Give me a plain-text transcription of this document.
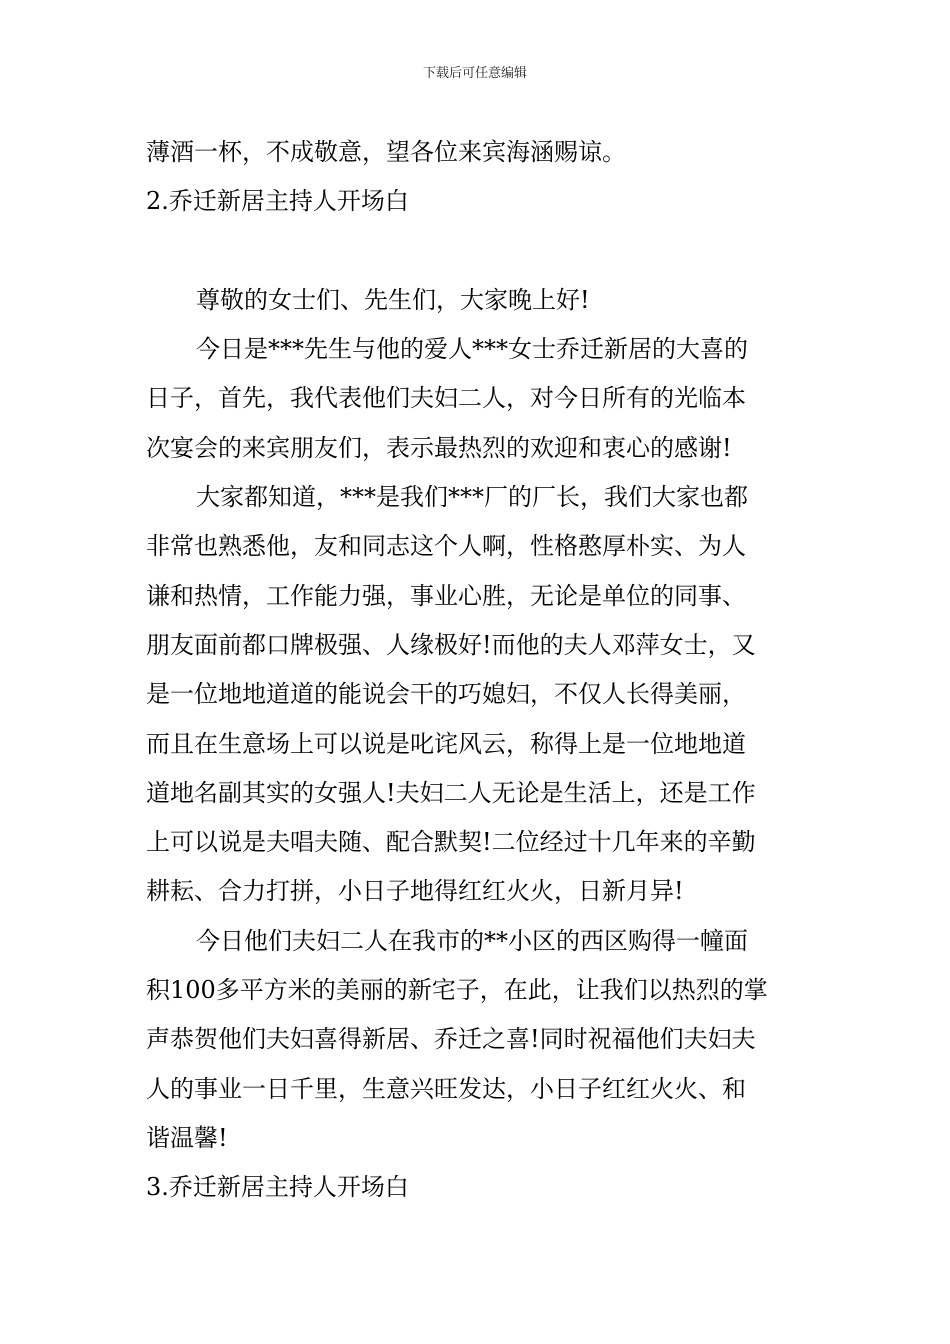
下载后可任意编辑
薄酒一杯，不成敬意，望各位来宾海涵赐谅。
2.乔迁新居主持人开场白
尊敬的女士们、先生们，大家晚上好!
今日是***先生与他的爱人***女士乔迁新居的大喜的
日子，首先，我代表他们夫妇二人，对今日所有的光临本
次宴会的来宾朋友们，表示最热烈的欢迎和衷心的感谢!
大家都知道，***是我们***厂的厂长，我们大家也都
非常也熟悉他，友和同志这个人啊，性格憨厚朴实、为人
谦和热情，工作能力强，事业心胜，无论是单位的同事、
朋友面前都口牌极强、人缘极好!而他的夫人邓萍女士，又
是一位地地道道的能说会干的巧媳妇，不仅人长得美丽，
而且在生意场上可以说是叱诧风云，称得上是一位地地道
道地名副其实的女强人!夫妇二人无论是生活上，还是工作
上可以说是夫唱夫随、配合默契!二位经过十几年来的辛勤
耕耘、合力打拼，小日子地得红红火火，日新月异!
今日他们夫妇二人在我市的**小区的西区购得一幢面
积100多平方米的美丽的新宅子，在此，让我们以热烈的掌
声恭贺他们夫妇喜得新居、乔迁之喜!同时祝福他们夫妇夫
人的事业一日千里，生意兴旺发达，小日子红红火火、和
谐温馨!
3.乔迁新居主持人开场白
